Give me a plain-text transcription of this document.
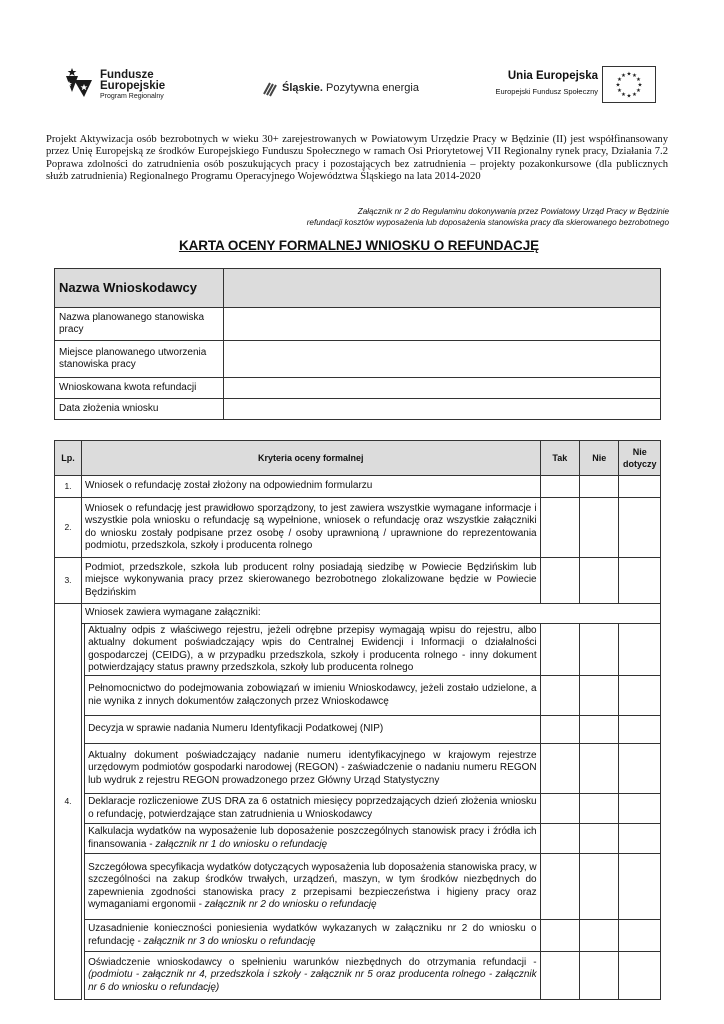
Fundusze
Europejskie
Program Regionalny
Śląskie. Pozytywna energia
Unia Europejska
Europejski Fundusz Społeczny
★ ★
★
★
★
★
★
★
★
★
★
★
Projekt Aktywizacja osób bezrobotnych w wieku 30+ zarejestrowanych w Powiatowym Urzędzie Pracy w Będzinie (II) jest współfinansowany przez Unię Europejską ze środków Europejskiego Funduszu Społecznego w ramach Osi Priorytetowej VII Regionalny rynek pracy, Działania 7.2 Poprawa zdolności do zatrudnienia osób poszukujących pracy i pozostających bez zatrudnienia – projekty pozakonkursowe (dla publicznych służb zatrudnienia) Regionalnego Programu Operacyjnego Województwa Śląskiego na lata 2014-2020
Załącznik nr 2 do Regulaminu dokonywania przez Powiatowy Urząd Pracy w Będzinie
refundacji kosztów wyposażenia lub doposażenia stanowiska pracy dla skierowanego bezrobotnego
KARTA OCENY FORMALNEJ WNIOSKU O REFUNDACJĘ
Nazwa Wnioskodawcy	
Nazwa planowanego stanowiska pracy	
Miejsce planowanego utworzenia stanowiska pracy	
Wnioskowana kwota refundacji	
Data złożenia wniosku	
Lp.	Kryteria oceny formalnej		Tak	Nie	Nie dotyczy
1.	Wniosek o refundację został złożony na odpowiednim formularzu				
2.	Wniosek o refundację jest prawidłowo sporządzony, to jest zawiera wszystkie wymagane informacje i wszystkie pola wniosku o refundację są wypełnione, wniosek o refundację oraz wszystkie załączniki do wniosku zostały podpisane przez osobę / osoby uprawnioną / uprawnione do reprezentowania podmiotu, przedszkola, szkoły i producenta rolnego				
3.	Podmiot, przedszkole, szkoła lub producent rolny posiadają siedzibę w Powiecie Będzińskim lub miejsce wykonywania pracy przez skierowanego bezrobotnego zlokalizowane będzie w Powiecie Będzińskim				
4.	Wniosek zawiera wymagane załączniki:				
		Aktualny odpis z właściwego rejestru, jeżeli odrębne przepisy wymagają wpisu do rejestru, albo aktualny dokument poświadczający wpis do Centralnej Ewidencji i Informacji o działalności gospodarczej (CEIDG), a w przypadku przedszkola, szkoły i producenta rolnego - inny dokument potwierdzający status prawny przedszkola, szkoły lub producenta rolnego			
		Pełnomocnictwo do podejmowania zobowiązań w imieniu Wnioskodawcy, jeżeli zostało udzielone, a nie wynika z innych dokumentów załączonych przez Wnioskodawcę			
		Decyzja w sprawie nadania Numeru Identyfikacji Podatkowej (NIP)			
		Aktualny dokument poświadczający nadanie numeru identyfikacyjnego w krajowym rejestrze urzędowym podmiotów gospodarki narodowej (REGON) - zaświadczenie o nadaniu numeru REGON lub wydruk z rejestru REGON prowadzonego przez Główny Urząd Statystyczny			
		Deklaracje rozliczeniowe ZUS DRA za 6 ostatnich miesięcy poprzedzających dzień złożenia wniosku o refundację, potwierdzające stan zatrudnienia u Wnioskodawcy			
		Kalkulacja wydatków na wyposażenie lub doposażenie poszczególnych stanowisk pracy i źródła ich finansowania - załącznik nr 1 do wniosku o refundację			
		Szczegółowa specyfikacja wydatków dotyczących wyposażenia lub doposażenia stanowiska pracy, w szczególności na zakup środków trwałych, urządzeń, maszyn, w tym środków niezbędnych do zapewnienia zgodności stanowiska pracy z przepisami bezpieczeństwa i higieny pracy oraz wymaganiami ergonomii - załącznik nr 2 do wniosku o refundację			
		Uzasadnienie konieczności poniesienia wydatków wykazanych w załączniku nr 2 do wniosku o refundację - załącznik nr 3 do wniosku o refundację			
		Oświadczenie wnioskodawcy o spełnieniu warunków niezbędnych do otrzymania refundacji - (podmiotu - załącznik nr 4, przedszkola i szkoły - załącznik nr 5 oraz producenta rolnego - załącznik nr 6 do wniosku o refundację)			
